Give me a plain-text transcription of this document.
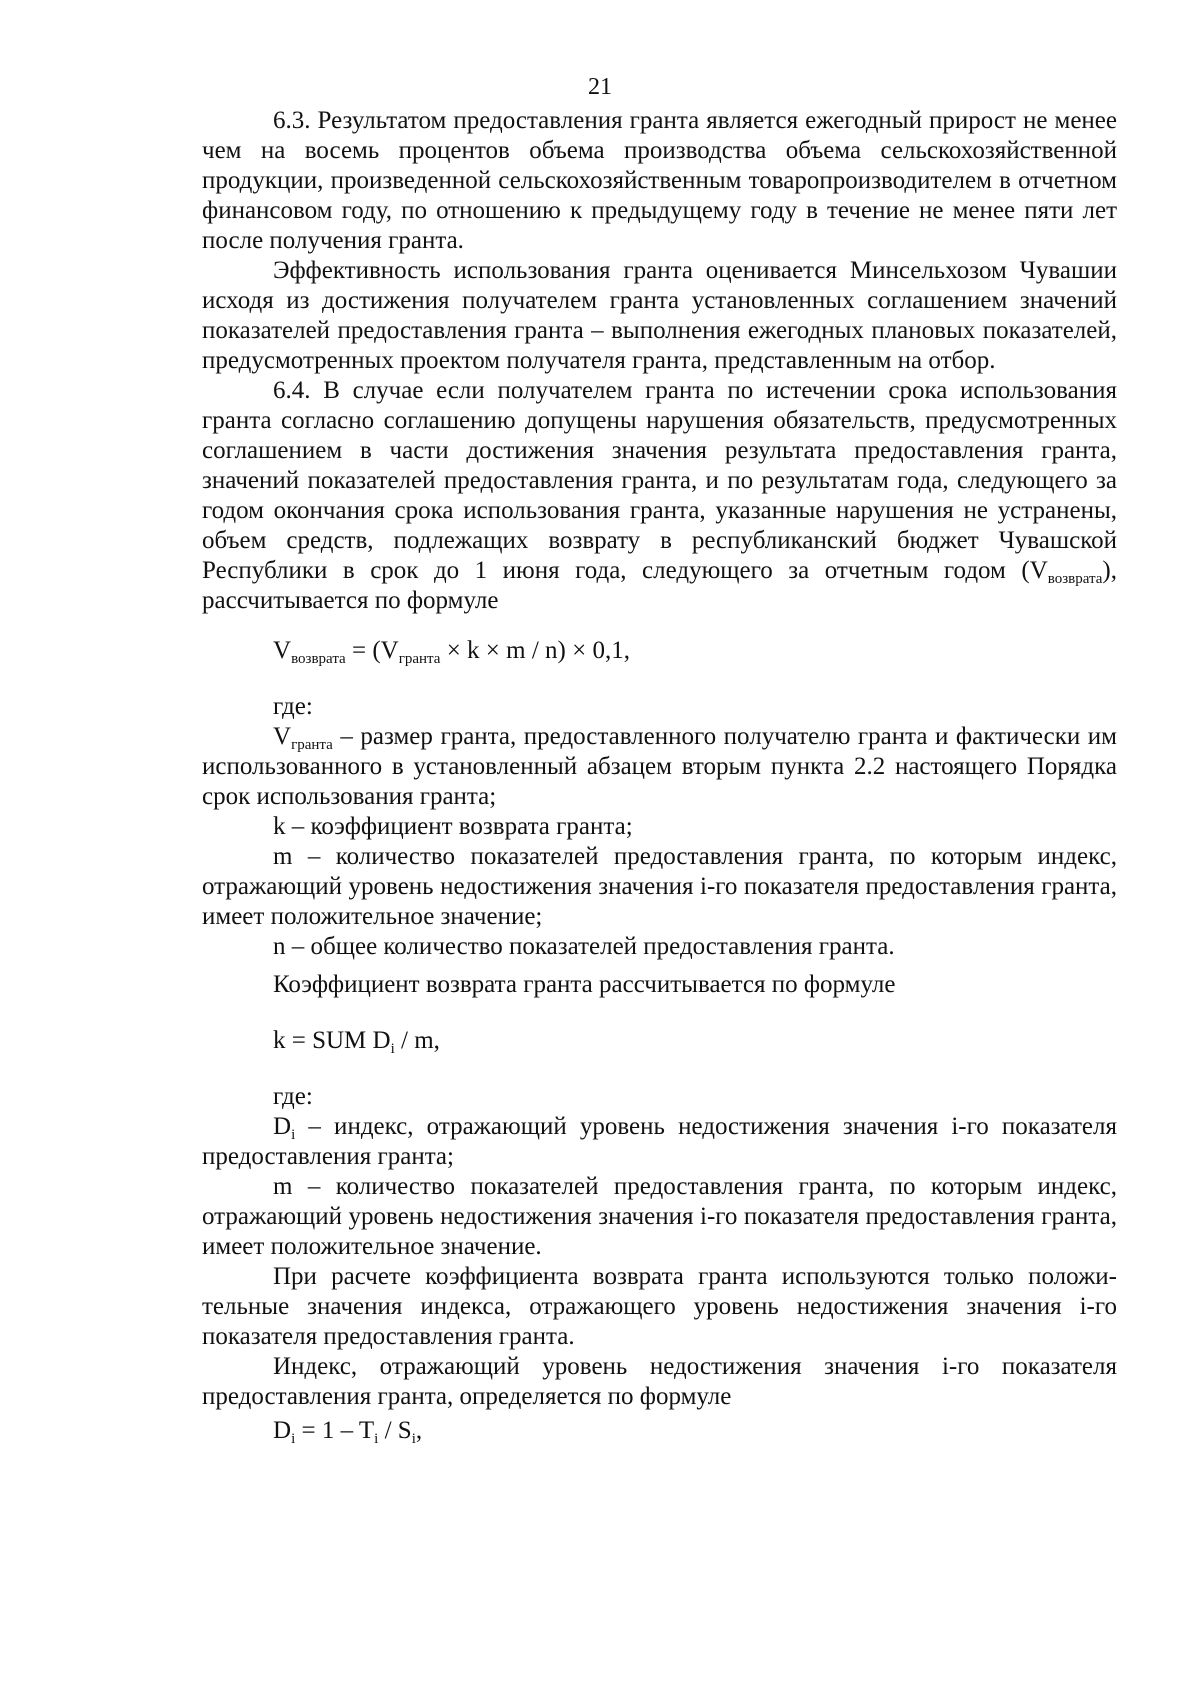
21

6.3. Результатом предоставления гранта является ежегодный прирост не менее чем на восемь процентов объема производства объема сельскохозяйственной продукции, произведенной сельскохозяйственным товаропроизводителем в отчетном финансовом году, по отношению к предыдущему году в течение не менее пяти лет после получения гранта.

Эффективность использования гранта оценивается Минсельхозом Чувашии исходя из достижения получателем гранта установленных соглашением значений показателей предоставления гранта – выполнения ежегодных плановых показателей, предусмотренных проектом получателя гранта, представленным на отбор.

6.4. В случае если получателем гранта по истечении срока использования гранта согласно соглашению допущены нарушения обязательств, предусмотренных соглашением в части достижения значения результата предоставления гранта, значений показателей предоставления гранта, и по результатам года, следующего за годом окончания срока использования гранта, указанные нарушения не устранены, объем средств, подлежащих возврату в республиканский бюджет Чувашской Республики в срок до 1 июня года, следующего за отчетным годом $(V_{возврата})$, рассчитывается по формуле

$V_{возврата} = (V_{гранта} \times k \times m / n) \times 0,1$,

где:

$V_{гранта}$ – размер гранта, предоставленного получателю гранта и фактически им использованного в установленный абзацем вторым пункта 2.2 настоящего Порядка срок использования гранта;

k – коэффициент возврата гранта;

m – количество показателей предоставления гранта, по которым индекс, отражающий уровень недостижения значения i-го показателя предоставления гранта, имеет положительное значение;

n – общее количество показателей предоставления гранта.

Коэффициент возврата гранта рассчитывается по формуле
k = SUM $D_i$ / m,

где:

$D_i$ – индекс, отражающий уровень недостижения значения i-го показателя предоставления гранта;

m – количество показателей предоставления гранта, по которым индекс, отражающий уровень недостижения значения i-го показателя предоставления гранта, имеет положительное значение.

При расчете коэффициента возврата гранта используются только положительные значения индекса, отражающего уровень недостижения значения i-го показателя предоставления гранта.

Индекс, отражающий уровень недостижения значения i-го показателя предоставления гранта, определяется по формуле

$D_i = 1 - T_i / S_i$,
